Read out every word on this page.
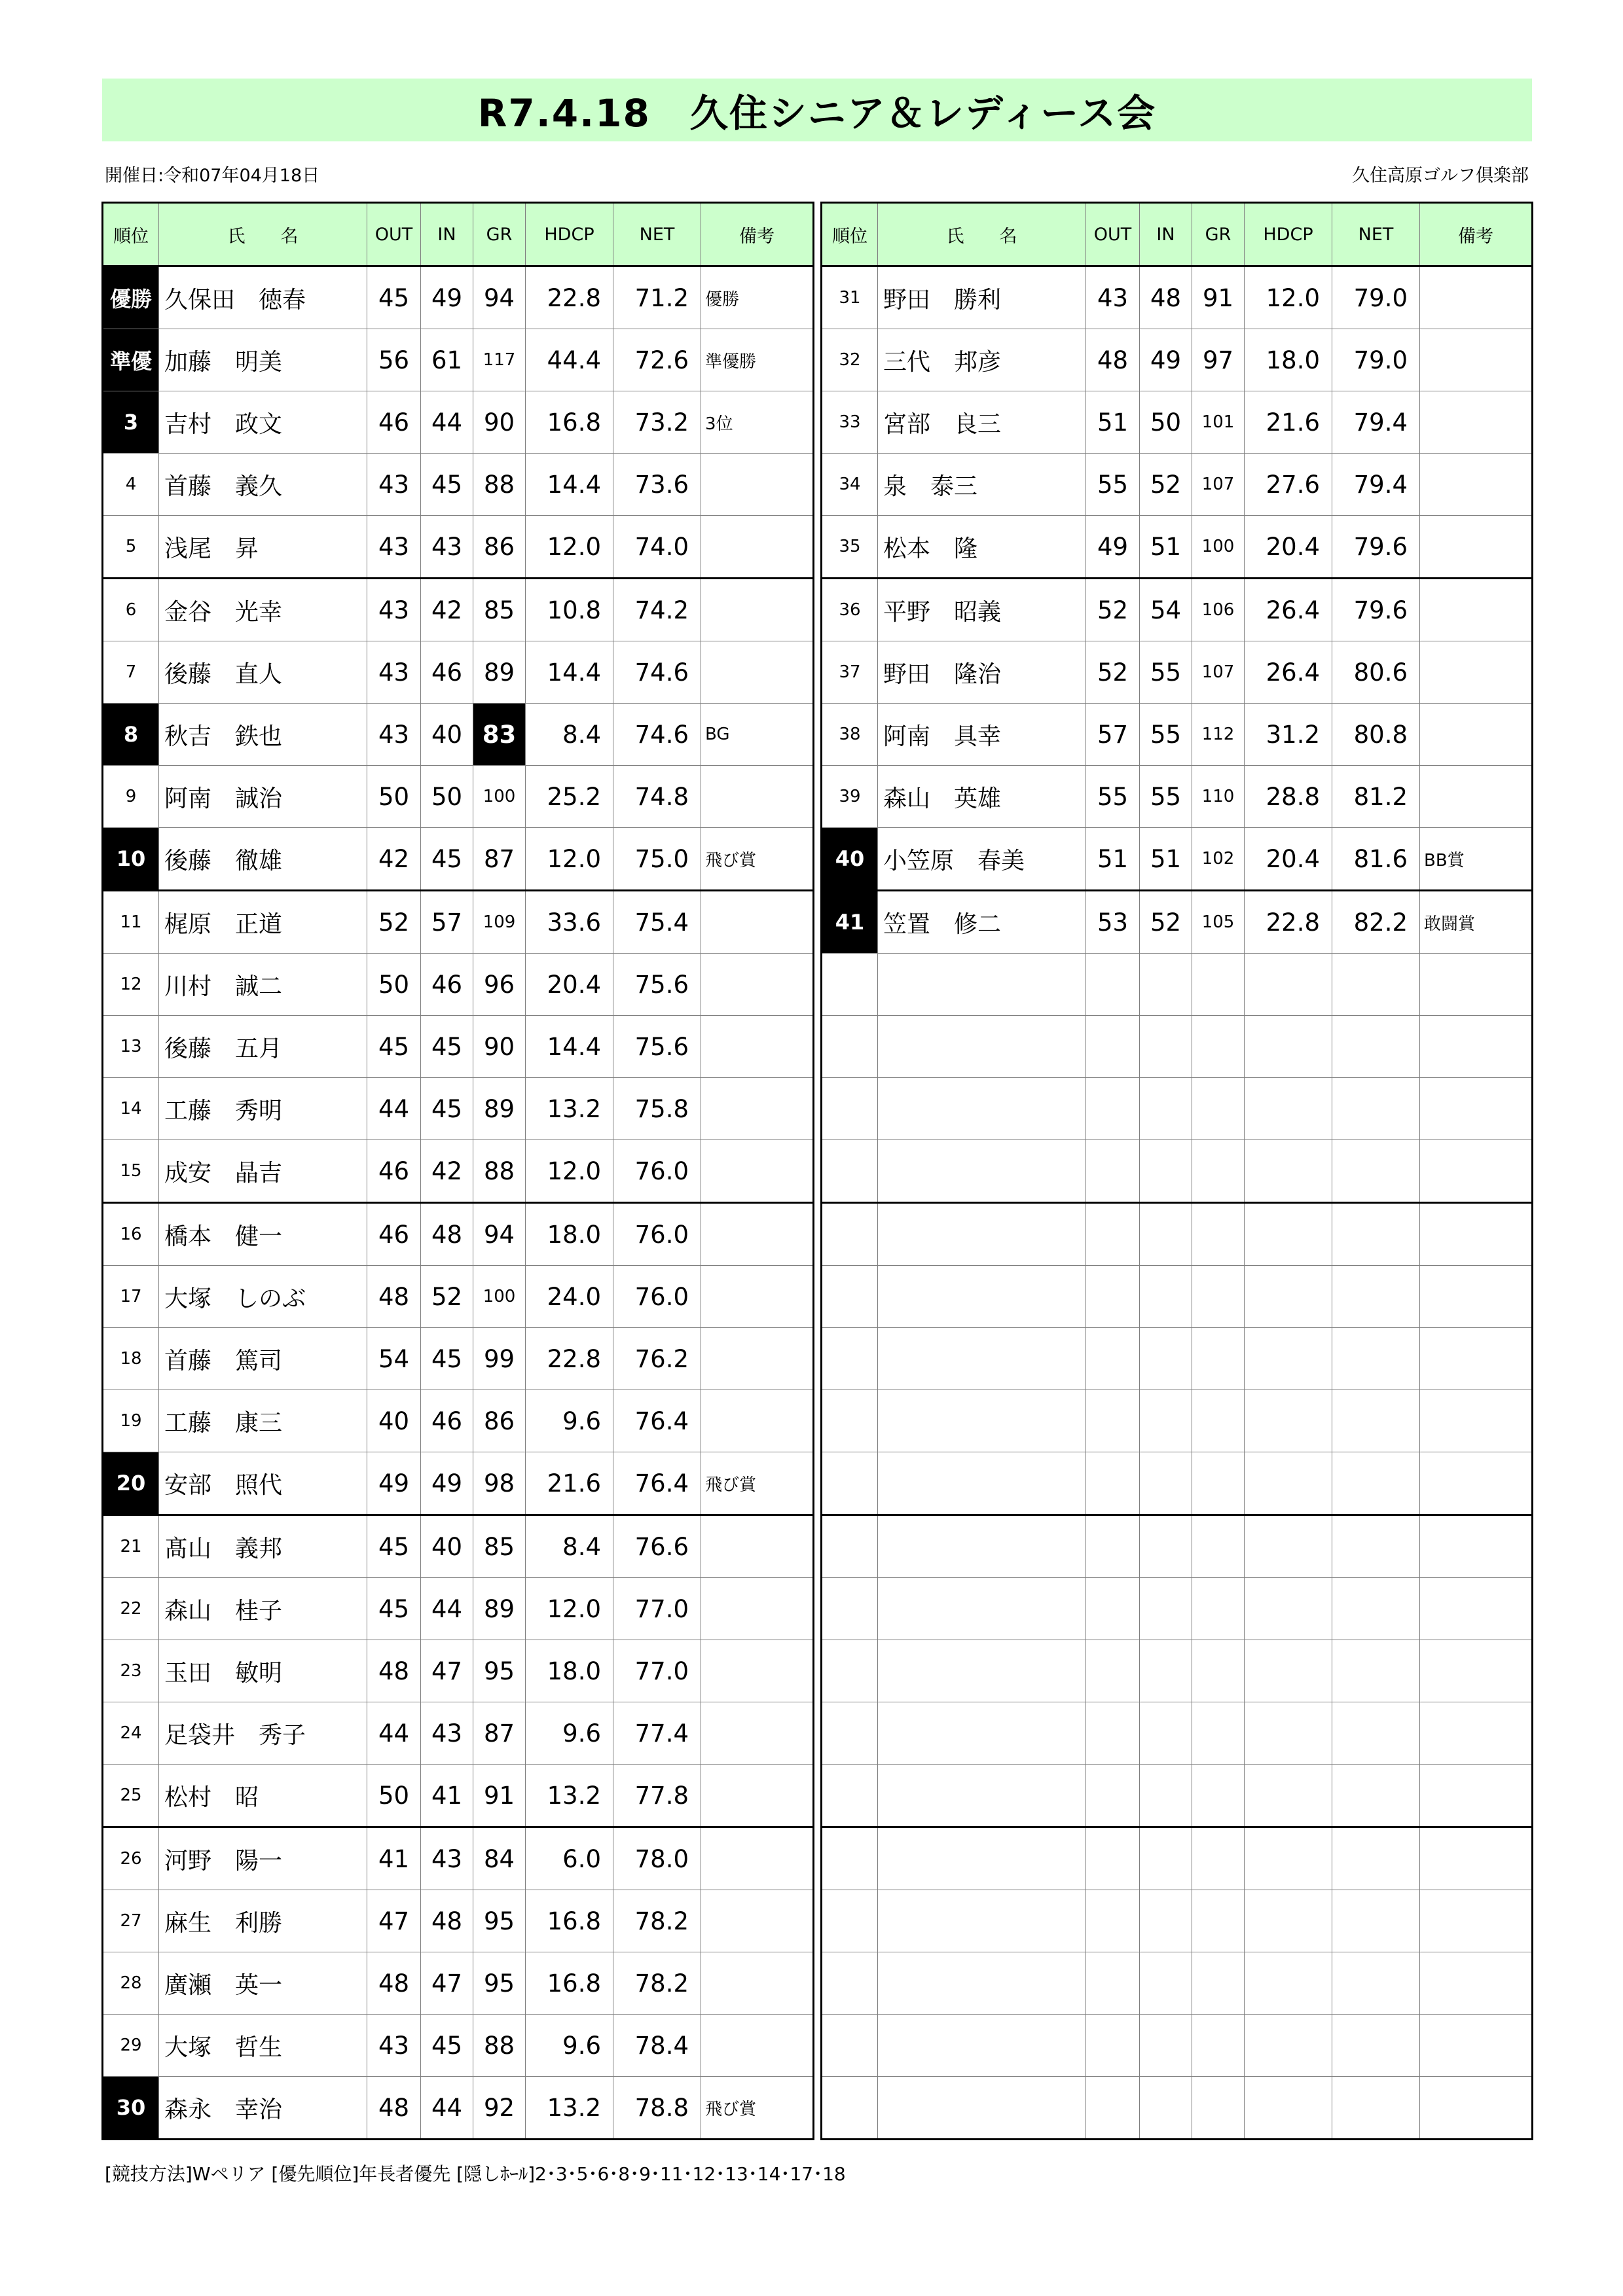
R7.4.18　久住シニア＆レディース会
開催日:令和07年04月18日	久住高原ゴルフ倶楽部
順位	氏　　名	OUT	IN	GR	HDCP	NET	備考
優勝	久保田　徳春	45	49	94	22.8	71.2	優勝
準優	加藤　明美	56	61	117	44.4	72.6	準優勝
3	吉村　政文	46	44	90	16.8	73.2	3位
4	首藤　義久	43	45	88	14.4	73.6	
5	浅尾　昇	43	43	86	12.0	74.0	
6	金谷　光幸	43	42	85	10.8	74.2	
7	後藤　直人	43	46	89	14.4	74.6	
8	秋吉　鉄也	43	40	83	8.4	74.6	BG
9	阿南　誠治	50	50	100	25.2	74.8	
10	後藤　徹雄	42	45	87	12.0	75.0	飛び賞
11	梶原　正道	52	57	109	33.6	75.4	
12	川村　誠二	50	46	96	20.4	75.6	
13	後藤　五月	45	45	90	14.4	75.6	
14	工藤　秀明	44	45	89	13.2	75.8	
15	成安　晶吉	46	42	88	12.0	76.0	
16	橋本　健一	46	48	94	18.0	76.0	
17	大塚　しのぶ	48	52	100	24.0	76.0	
18	首藤　篤司	54	45	99	22.8	76.2	
19	工藤　康三	40	46	86	9.6	76.4	
20	安部　照代	49	49	98	21.6	76.4	飛び賞
21	髙山　義邦	45	40	85	8.4	76.6	
22	森山　桂子	45	44	89	12.0	77.0	
23	玉田　敏明	48	47	95	18.0	77.0	
24	足袋井　秀子	44	43	87	9.6	77.4	
25	松村　昭	50	41	91	13.2	77.8	
26	河野　陽一	41	43	84	6.0	78.0	
27	麻生　利勝	47	48	95	16.8	78.2	
28	廣瀬　英一	48	47	95	16.8	78.2	
29	大塚　哲生	43	45	88	9.6	78.4	
30	森永　幸治	48	44	92	13.2	78.8	飛び賞
順位	氏　　名	OUT	IN	GR	HDCP	NET	備考
31	野田　勝利	43	48	91	12.0	79.0	
32	三代　邦彦	48	49	97	18.0	79.0	
33	宮部　良三	51	50	101	21.6	79.4	
34	泉　泰三	55	52	107	27.6	79.4	
35	松本　隆	49	51	100	20.4	79.6	
36	平野　昭義	52	54	106	26.4	79.6	
37	野田　隆治	52	55	107	26.4	80.6	
38	阿南　具幸	57	55	112	31.2	80.8	
39	森山　英雄	55	55	110	28.8	81.2	
40	小笠原　春美	51	51	102	20.4	81.6	BB賞
41	笠置　修二	53	52	105	22.8	82.2	敢闘賞

[競技方法]Wペリア [優先順位]年長者優先 [隠しﾎｰﾙ]2･3･5･6･8･9･11･12･13･14･17･18
